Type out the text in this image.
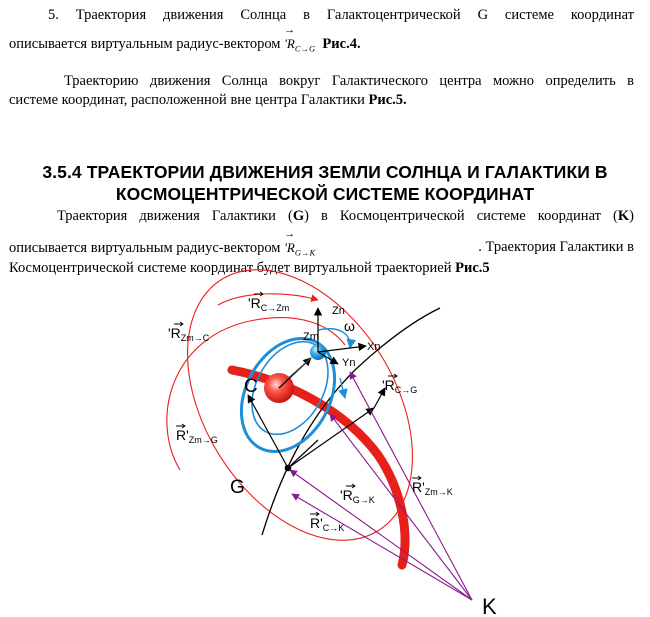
5. Траектория движения Солнца в Галактоцентрической G системе координат
описывается виртуальным радиус-вектором '
→
$R_{C\to G}$ Рис.4.
Траекторию движения Солнца вокруг Галактического центра можно определить в
системе координат, расположенной вне центра Галактики Рис.5.
3.5.4 ТРАЕКТОРИИ ДВИЖЕНИЯ ЗЕМЛИ СОЛНЦА И ГАЛАКТИКИ В
КОСМОЦЕНТРИЧЕСКОЙ СИСТЕМЕ КООРДИНАТ
Траектория движения Галактики (G) в Космоцентрической системе координат (K)
описывается виртуальным радиус-вектором '
→
$R_{G\to K}$	. Траектория Галактики в
Космоцентрической системе координат будет виртуальной траекторией Рис.5
C
G
K
Zm
Zn
Xn
Yn
ω
'$R_{C\to Zm}$
'$R_{Zm\to C}$
$R'_{Zm\to G}$
'$R_{C\to G}$
'$R_{G\to K}$
$R'_{Zm\to K}$
$R'_{C\to K}$
